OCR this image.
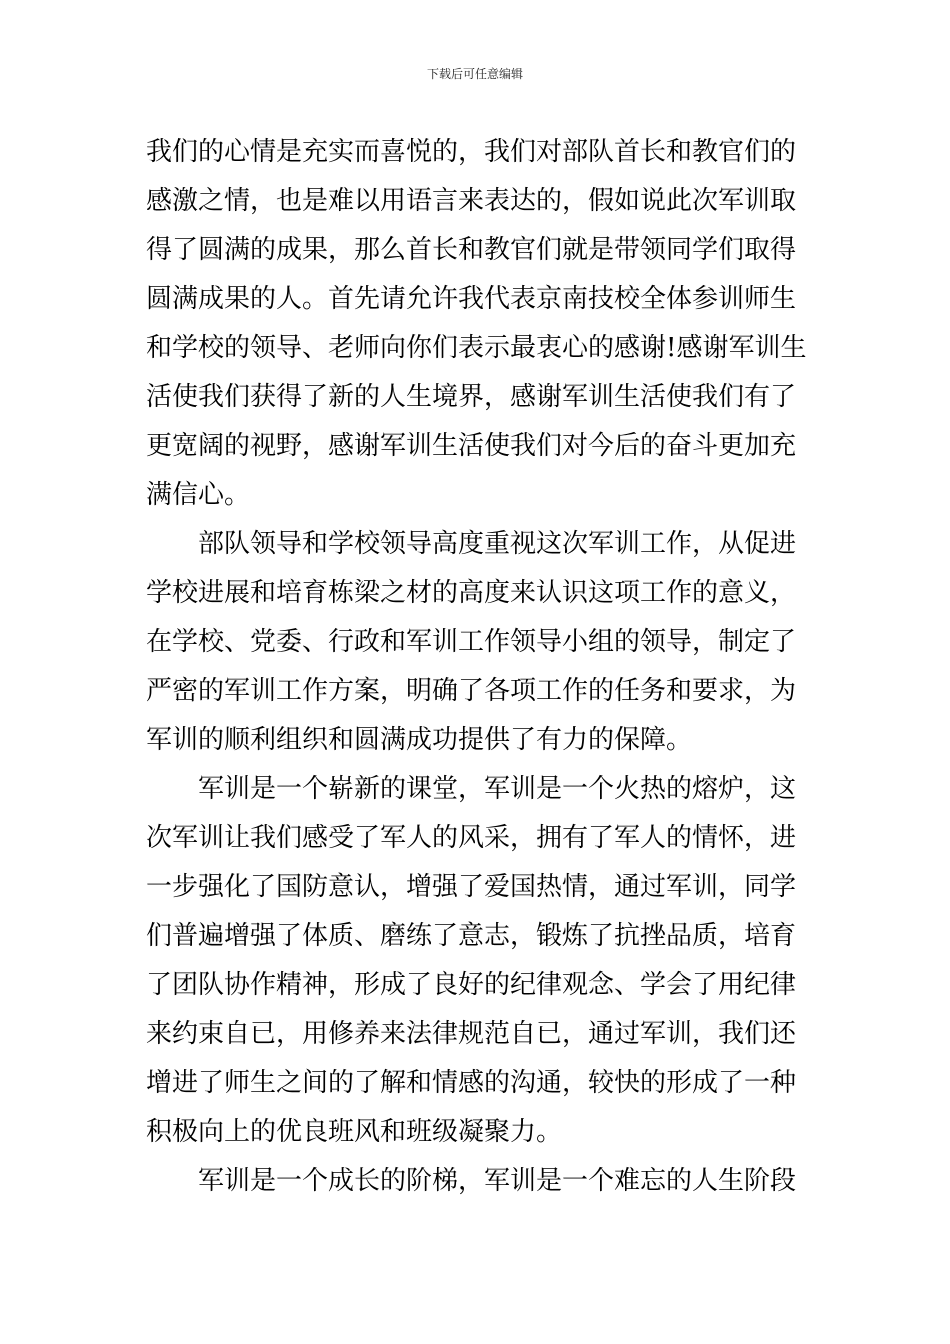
下载后可任意编辑
我们的心情是充实而喜悦的，我们对部队首长和教官们的
感激之情，也是难以用语言来表达的，假如说此次军训取
得了圆满的成果，那么首长和教官们就是带领同学们取得
圆满成果的人。首先请允许我代表京南技校全体参训师生
和学校的领导、老师向你们表示最衷心的感谢!感谢军训生
活使我们获得了新的人生境界，感谢军训生活使我们有了
更宽阔的视野，感谢军训生活使我们对今后的奋斗更加充
满信心。
部队领导和学校领导高度重视这次军训工作，从促进
学校进展和培育栋梁之材的高度来认识这项工作的意义，
在学校、党委、行政和军训工作领导小组的领导，制定了
严密的军训工作方案，明确了各项工作的任务和要求，为
军训的顺利组织和圆满成功提供了有力的保障。
军训是一个崭新的课堂，军训是一个火热的熔炉，这
次军训让我们感受了军人的风采，拥有了军人的情怀，进
一步强化了国防意认，增强了爱国热情，通过军训，同学
们普遍增强了体质、磨练了意志，锻炼了抗挫品质，培育
了团队协作精神，形成了良好的纪律观念、学会了用纪律
来约束自已，用修养来法律规范自已，通过军训，我们还
增进了师生之间的了解和情感的沟通，较快的形成了一种
积极向上的优良班风和班级凝聚力。
军训是一个成长的阶梯，军训是一个难忘的人生阶段
